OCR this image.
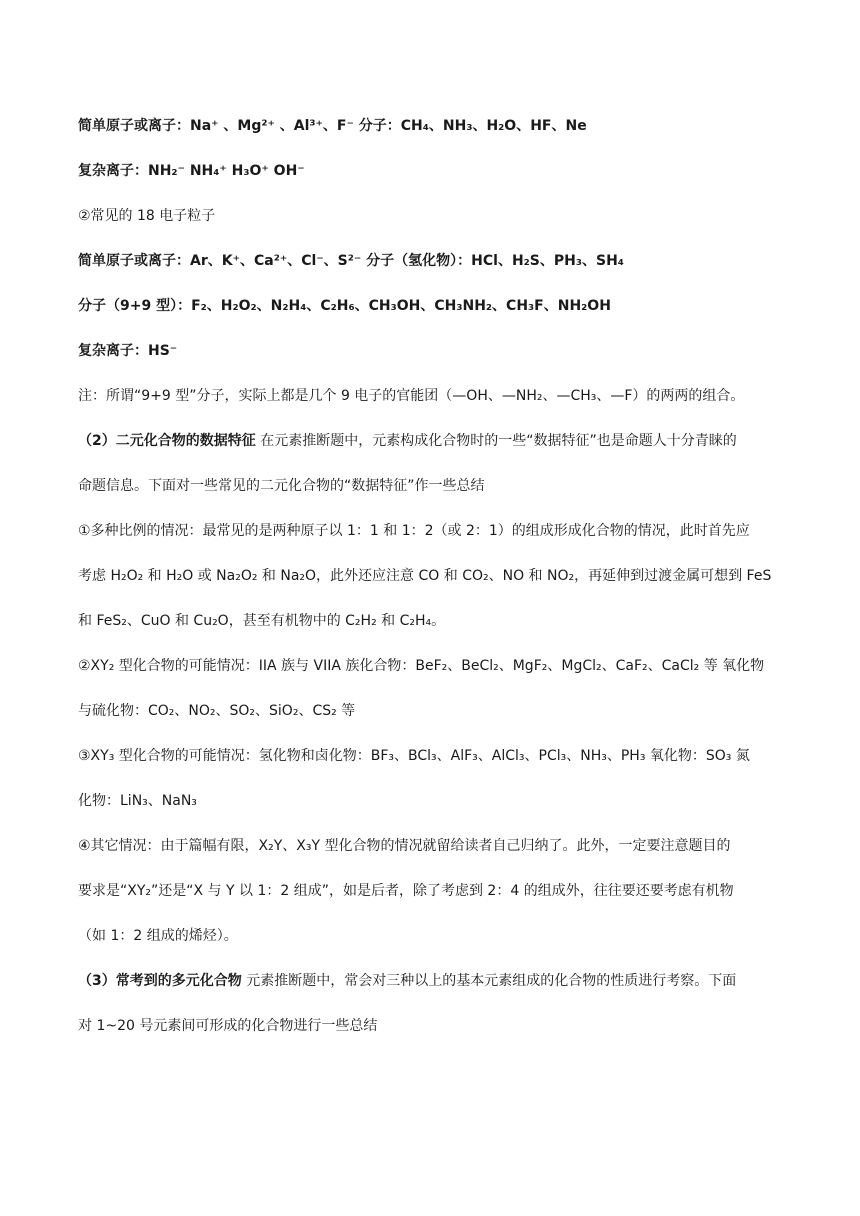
简单原子或离子：Na⁺ 、Mg²⁺ 、Al³⁺、F⁻ 分子：CH₄、NH₃、H₂O、HF、Ne
复杂离子：NH₂⁻ NH₄⁺ H₃O⁺ OH⁻
②常见的 18 电子粒子
简单原子或离子：Ar、K⁺、Ca²⁺、Cl⁻、S²⁻ 分子（氢化物）：HCl、H₂S、PH₃、SH₄
分子（9+9 型）：F₂、H₂O₂、N₂H₄、C₂H₆、CH₃OH、CH₃NH₂、CH₃F、NH₂OH
复杂离子：HS⁻
注：所谓“9+9 型”分子，实际上都是几个 9 电子的官能团（—OH、—NH₂、—CH₃、—F）的两两的组合。
（2）二元化合物的数据特征 在元素推断题中，元素构成化合物时的一些“数据特征”也是命题人十分青睐的
命题信息。下面对一些常见的二元化合物的“数据特征”作一些总结
①多种比例的情况：最常见的是两种原子以 1：1 和 1：2（或 2：1）的组成形成化合物的情况，此时首先应
考虑 H₂O₂ 和 H₂O 或 Na₂O₂ 和 Na₂O，此外还应注意 CO 和 CO₂、NO 和 NO₂，再延伸到过渡金属可想到 FeS
和 FeS₂、CuO 和 Cu₂O，甚至有机物中的 C₂H₂ 和 C₂H₄。
②XY₂ 型化合物的可能情况：IIA 族与 VIIA 族化合物：BeF₂、BeCl₂、MgF₂、MgCl₂、CaF₂、CaCl₂ 等 氧化物
与硫化物：CO₂、NO₂、SO₂、SiO₂、CS₂ 等
③XY₃ 型化合物的可能情况：氢化物和卤化物：BF₃、BCl₃、AlF₃、AlCl₃、PCl₃、NH₃、PH₃ 氧化物：SO₃ 氮
化物：LiN₃、NaN₃
④其它情况：由于篇幅有限，X₂Y、X₃Y 型化合物的情况就留给读者自己归纳了。此外，一定要注意题目的
要求是“XY₂”还是“X 与 Y 以 1：2 组成”，如是后者，除了考虑到 2：4 的组成外，往往要还要考虑有机物
（如 1：2 组成的烯烃）。
（3）常考到的多元化合物 元素推断题中，常会对三种以上的基本元素组成的化合物的性质进行考察。下面
对 1~20 号元素间可形成的化合物进行一些总结
